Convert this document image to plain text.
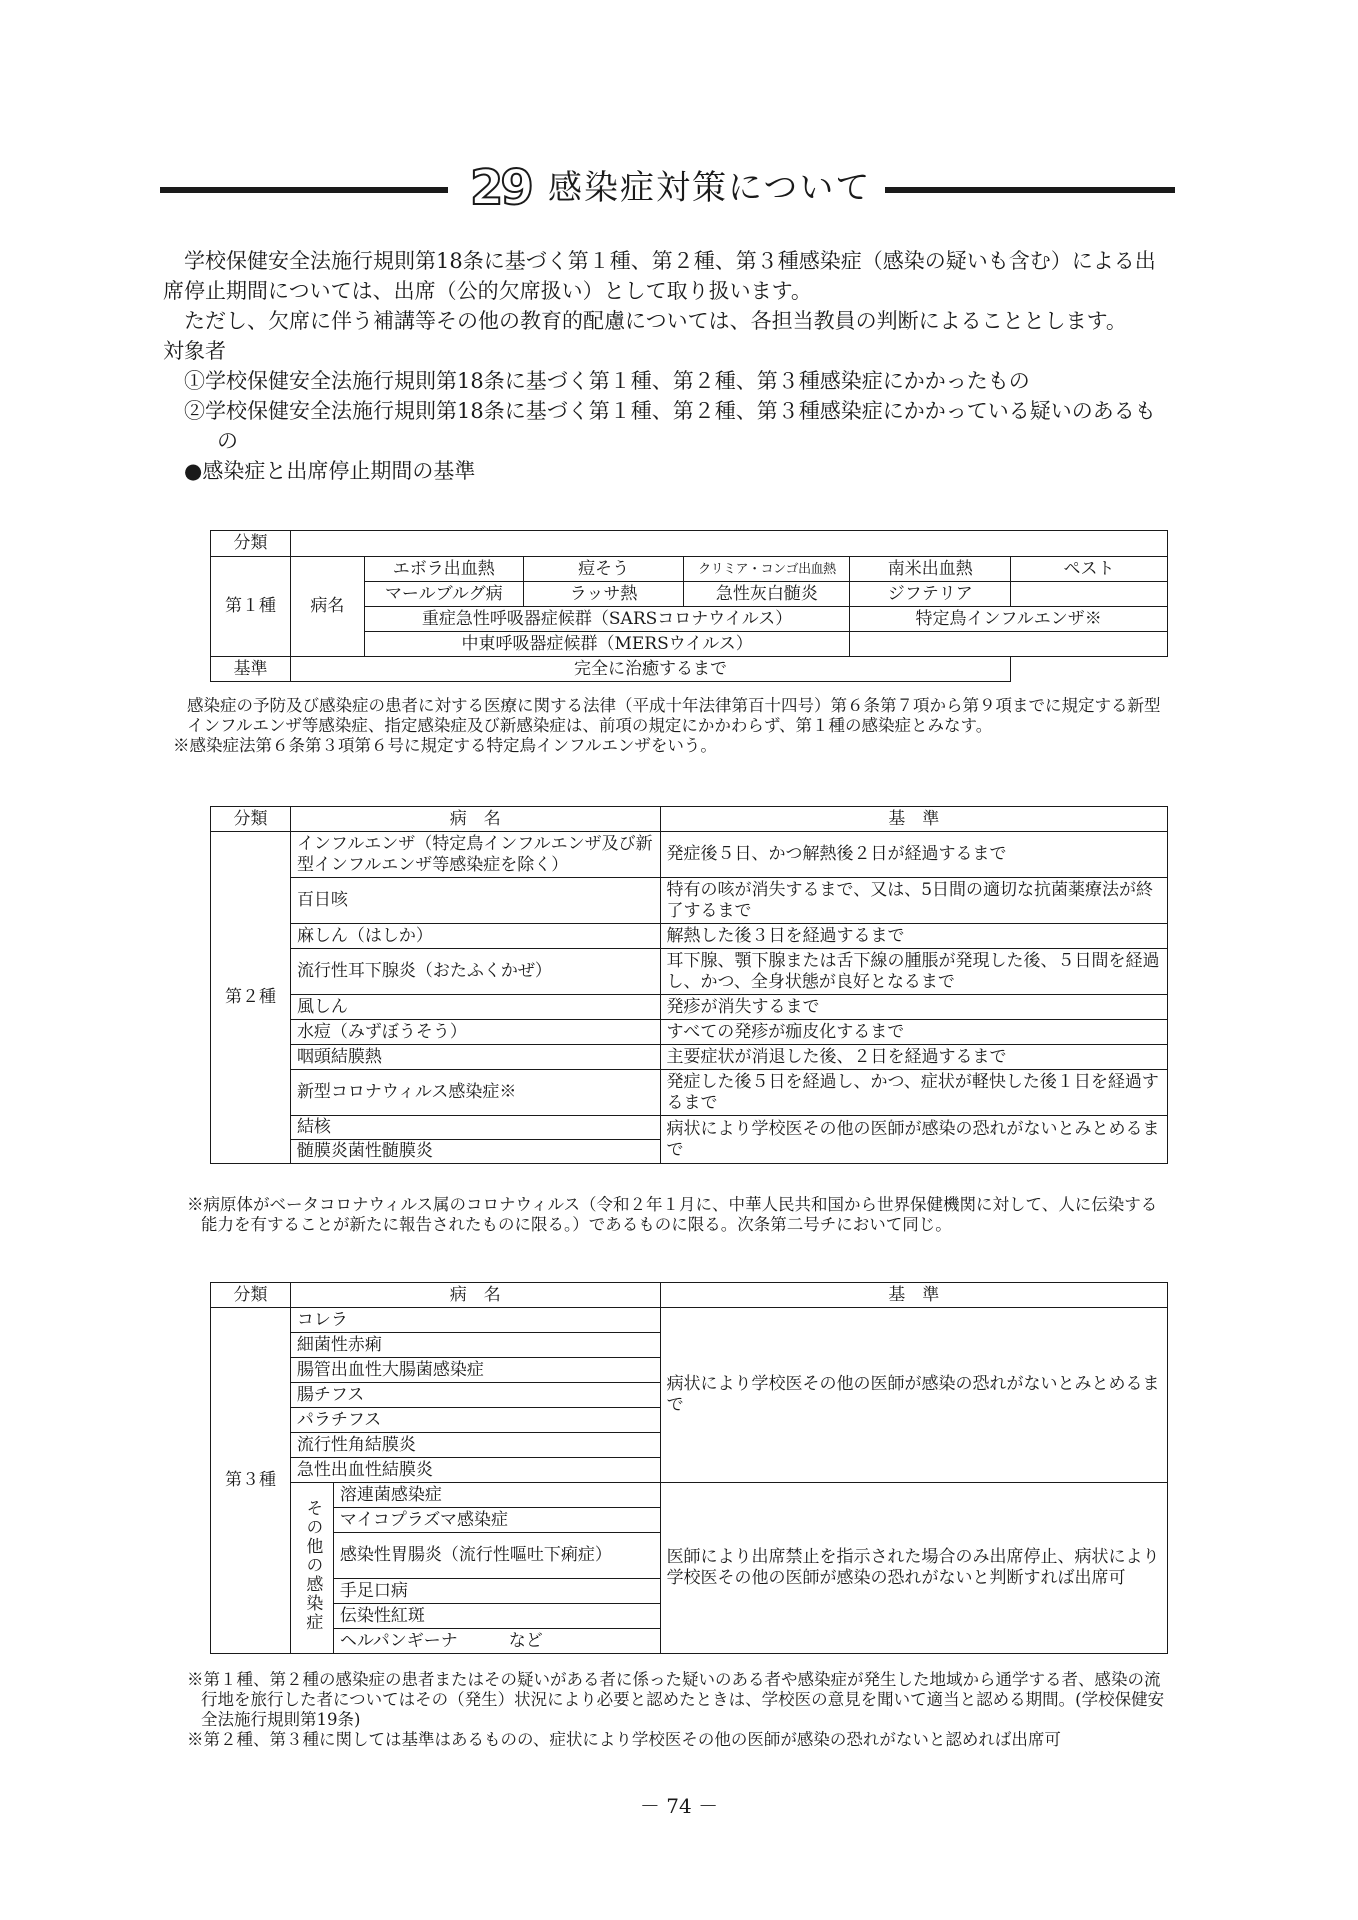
29 感染症対策について

学校保健安全法施行規則第18条に基づく第１種、第２種、第３種感染症（感染の疑いも含む）による出席停止期間については、出席（公的欠席扱い）として取り扱います。

ただし、欠席に伴う補講等その他の教育的配慮については、各担当教員の判断によることとします。

対象者

①学校保健安全法施行規則第18条に基づく第１種、第２種、第３種感染症にかかったもの

②学校保健安全法施行規則第18条に基づく第１種、第２種、第３種感染症にかかっている疑いのあるもの

●感染症と出席停止期間の基準

分類						
第１種	病名	エボラ出血熱	痘そう	クリミア・コンゴ出血熱	南米出血熱	ペスト
		マールブルグ病	ラッサ熱	急性灰白髄炎	ジフテリア	
		重症急性呼吸器症候群（SARSコロナウイルス）			特定鳥インフルエンザ※	
		中東呼吸器症候群（MERSウイルス）				
基準	完全に治癒するまで					
感染症の予防及び感染症の患者に対する医療に関する法律（平成十年法律第百十四号）第６条第７項から第９項までに規定する新型インフルエンザ等感染症、指定感染症及び新感染症は、前項の規定にかかわらず、第１種の感染症とみなす。
※感染症法第６条第３項第６号に規定する特定鳥インフルエンザをいう。
分類	病　名	基　準
第２種	インフルエンザ（特定鳥インフルエンザ及び新型インフルエンザ等感染症を除く）	発症後５日、かつ解熱後２日が経過するまで
	百日咳	特有の咳が消失するまで、又は、5日間の適切な抗菌薬療法が終了するまで
	麻しん（はしか）	解熱した後３日を経過するまで
	流行性耳下腺炎（おたふくかぜ）	耳下腺、顎下腺または舌下線の腫脹が発現した後、５日間を経過し、かつ、全身状態が良好となるまで
	風しん	発疹が消失するまで
	水痘（みずぼうそう）	すべての発疹が痂皮化するまで
	咽頭結膜熱	主要症状が消退した後、２日を経過するまで
	新型コロナウィルス感染症※	発症した後５日を経過し、かつ、症状が軽快した後１日を経過するまで
	結核	病状により学校医その他の医師が感染の恐れがないとみとめるまで
	髄膜炎菌性髄膜炎	
※病原体がベータコロナウィルス属のコロナウィルス（令和２年１月に、中華人民共和国から世界保健機関に対して、人に伝染する能力を有することが新たに報告されたものに限る。）であるものに限る。次条第二号チにおいて同じ。
分類	病　名		基　準
第３種	コレラ		病状により学校医その他の医師が感染の恐れがないとみとめるまで
	細菌性赤痢		
	腸管出血性大腸菌感染症		
	腸チフス		
	パラチフス		
	流行性角結膜炎		
	急性出血性結膜炎		
	その他の感染症	溶連菌感染症	医師により出席禁止を指示された場合のみ出席停止、病状により学校医その他の医師が感染の恐れがないと判断すれば出席可
		マイコプラズマ感染症	
		感染性胃腸炎（流行性嘔吐下痢症）	
		手足口病	
		伝染性紅斑	
		ヘルパンギーナ　　　など	
※第１種、第２種の感染症の患者またはその疑いがある者に係った疑いのある者や感染症が発生した地域から通学する者、感染の流行地を旅行した者についてはその（発生）状況により必要と認めたときは、学校医の意見を聞いて適当と認める期間。(学校保健安全法施行規則第19条)
※第２種、第３種に関しては基準はあるものの、症状により学校医その他の医師が感染の恐れがないと認めれば出席可
－ 74 －
